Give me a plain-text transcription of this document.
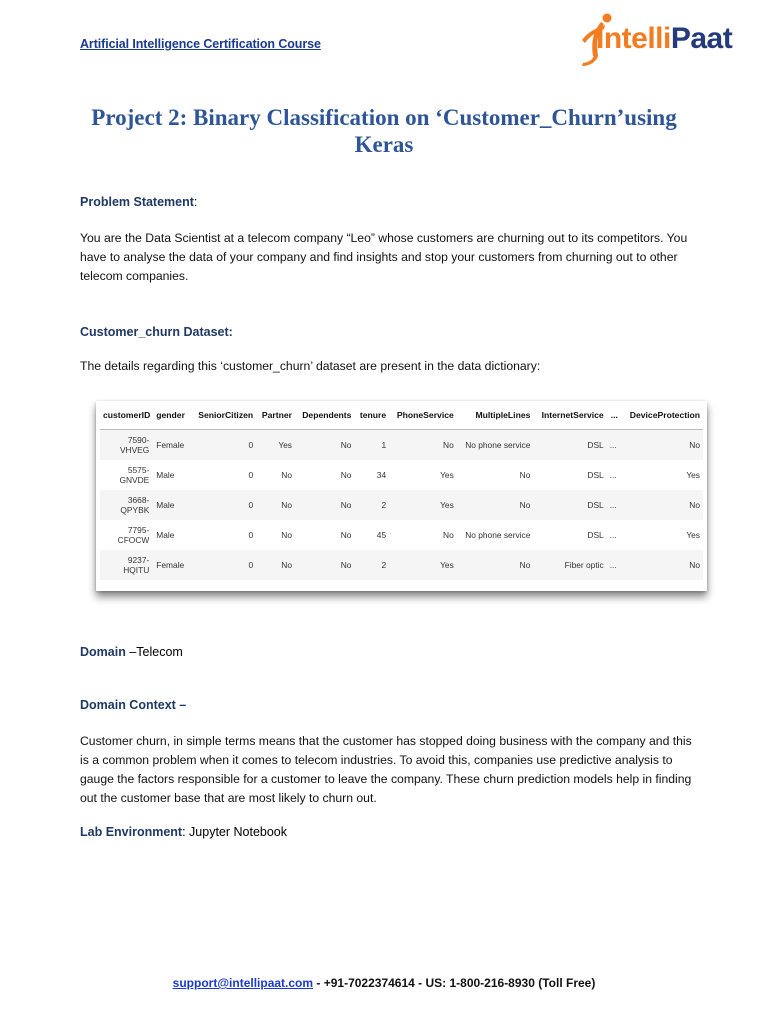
Artificial Intelligence Certification Course	IntelliPaat
Project 2: Binary Classification on ‘Customer_Churn’using Keras
Problem Statement:

You are the Data Scientist at a telecom company “Leo” whose customers are churning out to its competitors. You have to analyse the data of your company and find insights and stop your customers from churning out to other telecom companies.

Customer_churn Dataset:

The details regarding this ‘customer_churn’ dataset are present in the data dictionary:

customerID	gender	SeniorCitizen	Partner	Dependents	tenure	PhoneService	MultipleLines	InternetService	...	DeviceProtection
7590-VHVEG	Female	0	Yes	No	1	No	No phone service	DSL	...	No
5575-GNVDE	Male	0	No	No	34	Yes	No	DSL	...	Yes
3668-QPYBK	Male	0	No	No	2	Yes	No	DSL	...	No
7795-CFOCW	Male	0	No	No	45	No	No phone service	DSL	...	Yes
9237-HQITU	Female	0	No	No	2	Yes	No	Fiber optic	...	No
Domain –Telecom
Domain Context –

Customer churn, in simple terms means that the customer has stopped doing business with the company and this is a common problem when it comes to telecom industries. To avoid this, companies use predictive analysis to gauge the factors responsible for a customer to leave the company. These churn prediction models help in finding out the customer base that are most likely to churn out.

Lab Environment: Jupyter Notebook
support@intellipaat.com - +91-7022374614 - US: 1-800-216-8930 (Toll Free)
